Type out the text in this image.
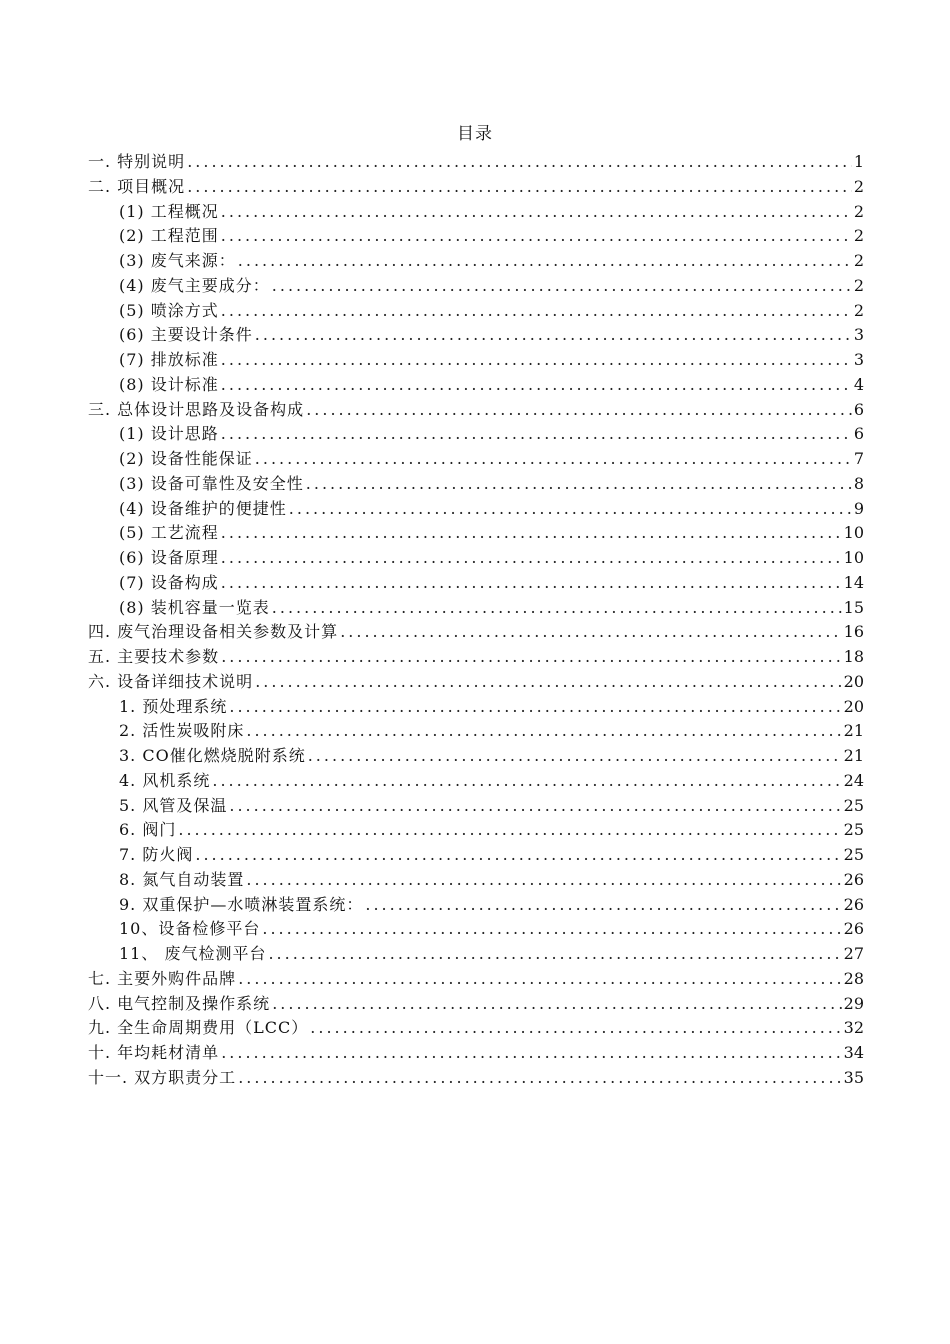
目录
一. 特别说明 .....	1
二. 项目概况 .....	2
(1) 工程概况 .....	2
(2) 工程范围 .....	2
(3) 废气来源： .....	2
(4) 废气主要成分： .....	2
(5) 喷涂方式 .....	2
(6) 主要设计条件 .....	3
(7) 排放标准 .....	3
(8) 设计标准 .....	4
三. 总体设计思路及设备构成 .....	6
(1) 设计思路 .....	6
(2) 设备性能保证 .....	7
(3) 设备可靠性及安全性 .....	8
(4) 设备维护的便捷性 .....	9
(5) 工艺流程 .....	10
(6) 设备原理 .....	10
(7) 设备构成 .....	14
(8) 装机容量一览表 .....	15
四. 废气治理设备相关参数及计算 .....	16
五. 主要技术参数 .....	18
六. 设备详细技术说明 .....	20
1. 预处理系统 .....	20
2. 活性炭吸附床 .....	21
3. CO催化燃烧脱附系统 .....	21
4. 风机系统 .....	24
5. 风管及保温 .....	25
6. 阀门 .....	25
7. 防火阀 .....	25
8. 氮气自动装置 .....	26
9. 双重保护—水喷淋装置系统： .....	26
10、设备检修平台 .....	26
11、 废气检测平台 .....	27
七. 主要外购件品牌 .....	28
八. 电气控制及操作系统 .....	29
九. 全生命周期费用（LCC） .....	32
十. 年均耗材清单 .....	34
十一. 双方职责分工 .....	35
